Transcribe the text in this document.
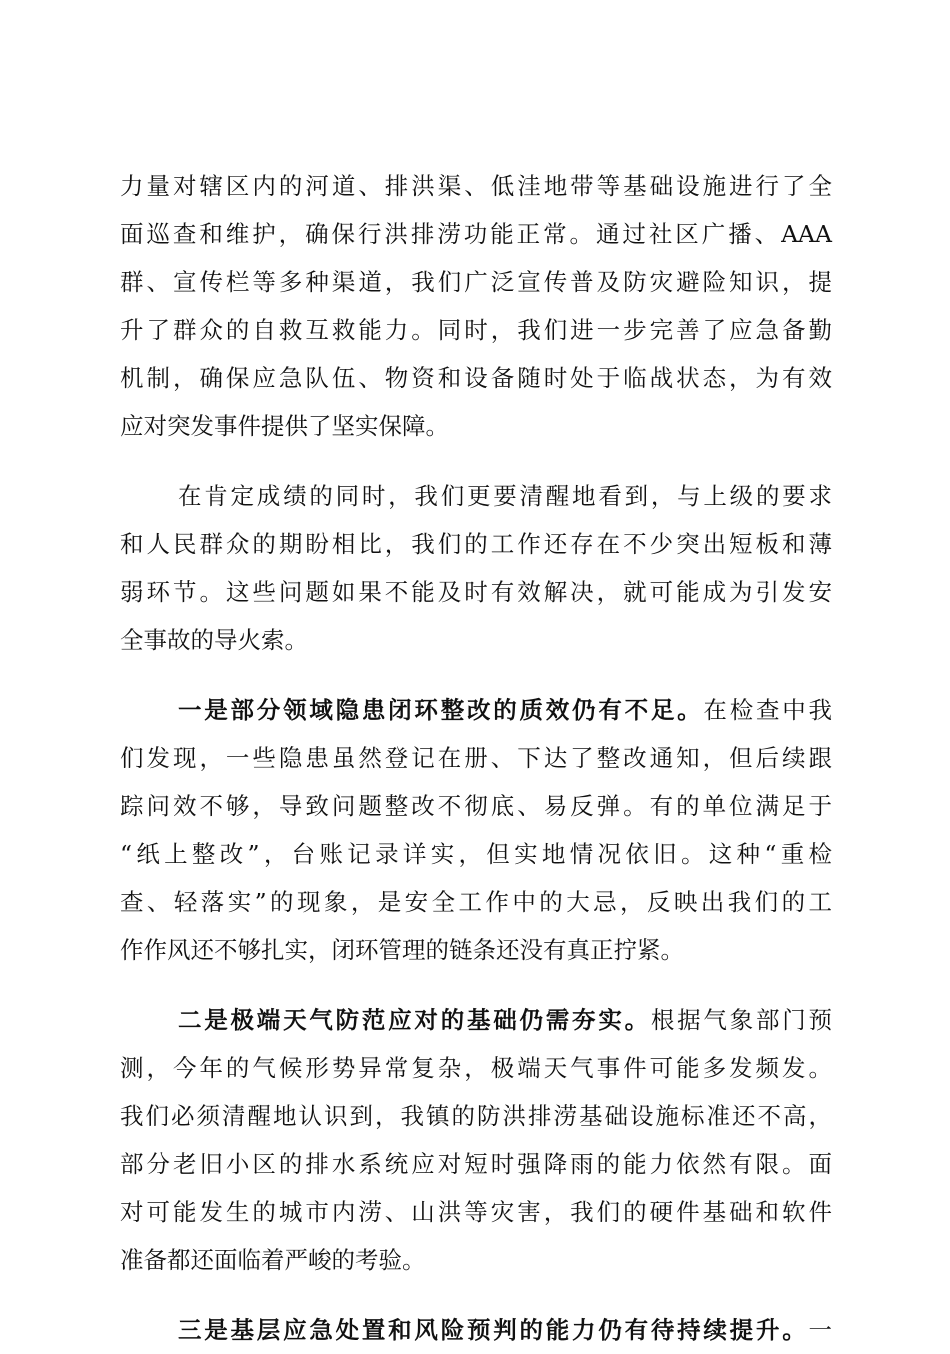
力量对辖区内的河道、排洪渠、低洼地带等基础设施进行了全
面巡查和维护，确保行洪排涝功能正常。通过社区广播、AAA
群、宣传栏等多种渠道，我们广泛宣传普及防灾避险知识，提
升了群众的自救互救能力。同时，我们进一步完善了应急备勤
机制，确保应急队伍、物资和设备随时处于临战状态，为有效
应对突发事件提供了坚实保障。
在肯定成绩的同时，我们更要清醒地看到，与上级的要求
和人民群众的期盼相比，我们的工作还存在不少突出短板和薄
弱环节。这些问题如果不能及时有效解决，就可能成为引发安
全事故的导火索。
一是部分领域隐患闭环整改的质效仍有不足。在检查中我
们发现，一些隐患虽然登记在册、下达了整改通知，但后续跟
踪问效不够，导致问题整改不彻底、易反弹。有的单位满足于
“纸上整改”，台账记录详实，但实地情况依旧。这种“重检
查、轻落实”的现象，是安全工作中的大忌，反映出我们的工
作作风还不够扎实，闭环管理的链条还没有真正拧紧。
二是极端天气防范应对的基础仍需夯实。根据气象部门预
测，今年的气候形势异常复杂，极端天气事件可能多发频发。
我们必须清醒地认识到，我镇的防洪排涝基础设施标准还不高，
部分老旧小区的排水系统应对短时强降雨的能力依然有限。面
对可能发生的城市内涝、山洪等灾害，我们的硬件基础和软件
准备都还面临着严峻的考验。
三是基层应急处置和风险预判的能力仍有待持续提升。一
